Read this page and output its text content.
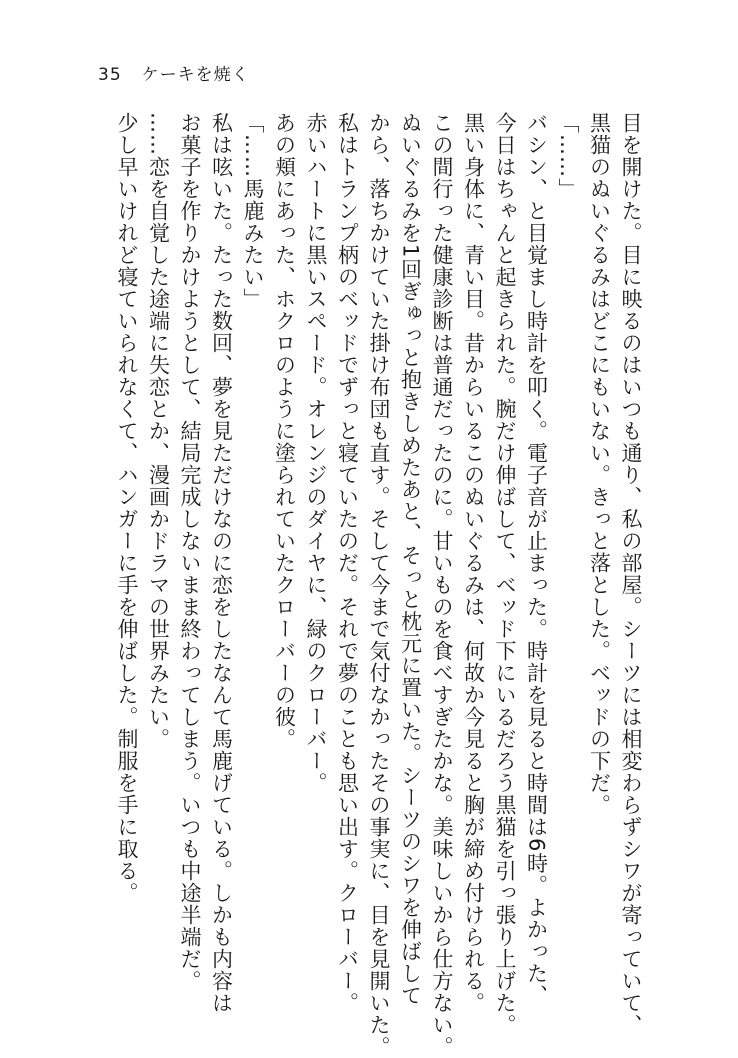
35 ケーキを焼く

目を開けた。目に映るのはいつも通り、私の部屋。シーツには相変わらずシワが寄っていて、

黒猫のぬいぐるみはどこにもいない。きっと落とした。ベッドの下だ。

「……」

バシン、と目覚まし時計を叩く。電子音が止まった。時計を見ると時間は6時。よかった、

今日はちゃんと起きられた。腕だけ伸ばして、ベッド下にいるだろう黒猫を引っ張り上げた。

黒い身体に、青い目。昔からいるこのぬいぐるみは、何故か今見ると胸が締め付けられる。

この間行った健康診断は普通だったのに。甘いものを食べすぎたかな。美味しいから仕方ない。

ぬいぐるみを1回ぎゅっと抱きしめたあと、そっと枕元に置いた。シーツのシワを伸ばして

から、落ちかけていた掛け布団も直す。そして今まで気付なかったその事実に、目を見開いた。

私はトランプ柄のベッドでずっと寝ていたのだ。それで夢のことも思い出す。クローバー。

赤いハートに黒いスペード。オレンジのダイヤに、緑のクローバー。

あの頬にあった、ホクロのように塗られていたクローバーの彼。

「……馬鹿みたい」

私は呟いた。たった数回、夢を見ただけなのに恋をしたなんて馬鹿げている。しかも内容は

お菓子を作りかけようとして、結局完成しないまま終わってしまう。いつも中途半端だ。

……恋を自覚した途端に失恋とか、漫画かドラマの世界みたい。

少し早いけれど寝ていられなくて、ハンガーに手を伸ばした。制服を手に取る。
